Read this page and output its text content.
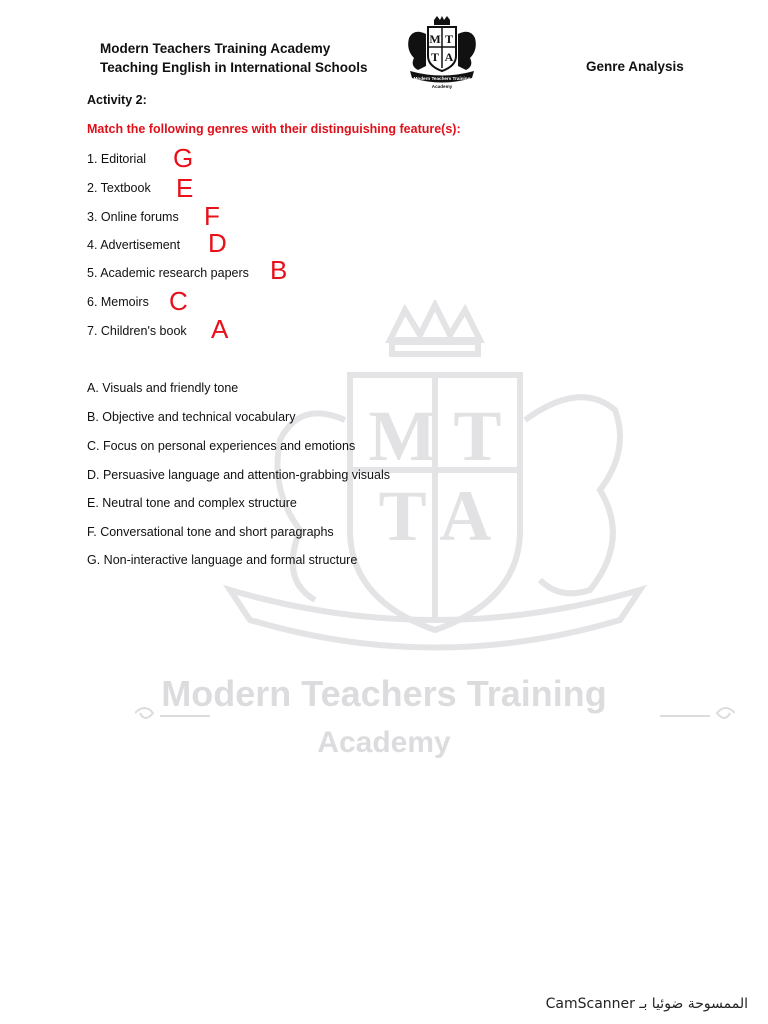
M T
T A
Modern Teachers Training
Academy
Modern Teachers Training Academy
Teaching English in International Schools
M T
T A
Modern Teachers Training
Academy
Genre Analysis
Activity 2:
Match the following genres with their distinguishing feature(s):
1. Editorial
2. Textbook
3. Online forums
4. Advertisement
5. Academic research papers
6. Memoirs
7. Children's book
G
E
F
D
B
C
A
A. Visuals and friendly tone
B. Objective and technical vocabulary
C. Focus on personal experiences and emotions
D. Persuasive language and attention-grabbing visuals
E. Neutral tone and complex structure
F. Conversational tone and short paragraphs
G. Non-interactive language and formal structure
CamScanner الممسوحة ضوئيا بـ
